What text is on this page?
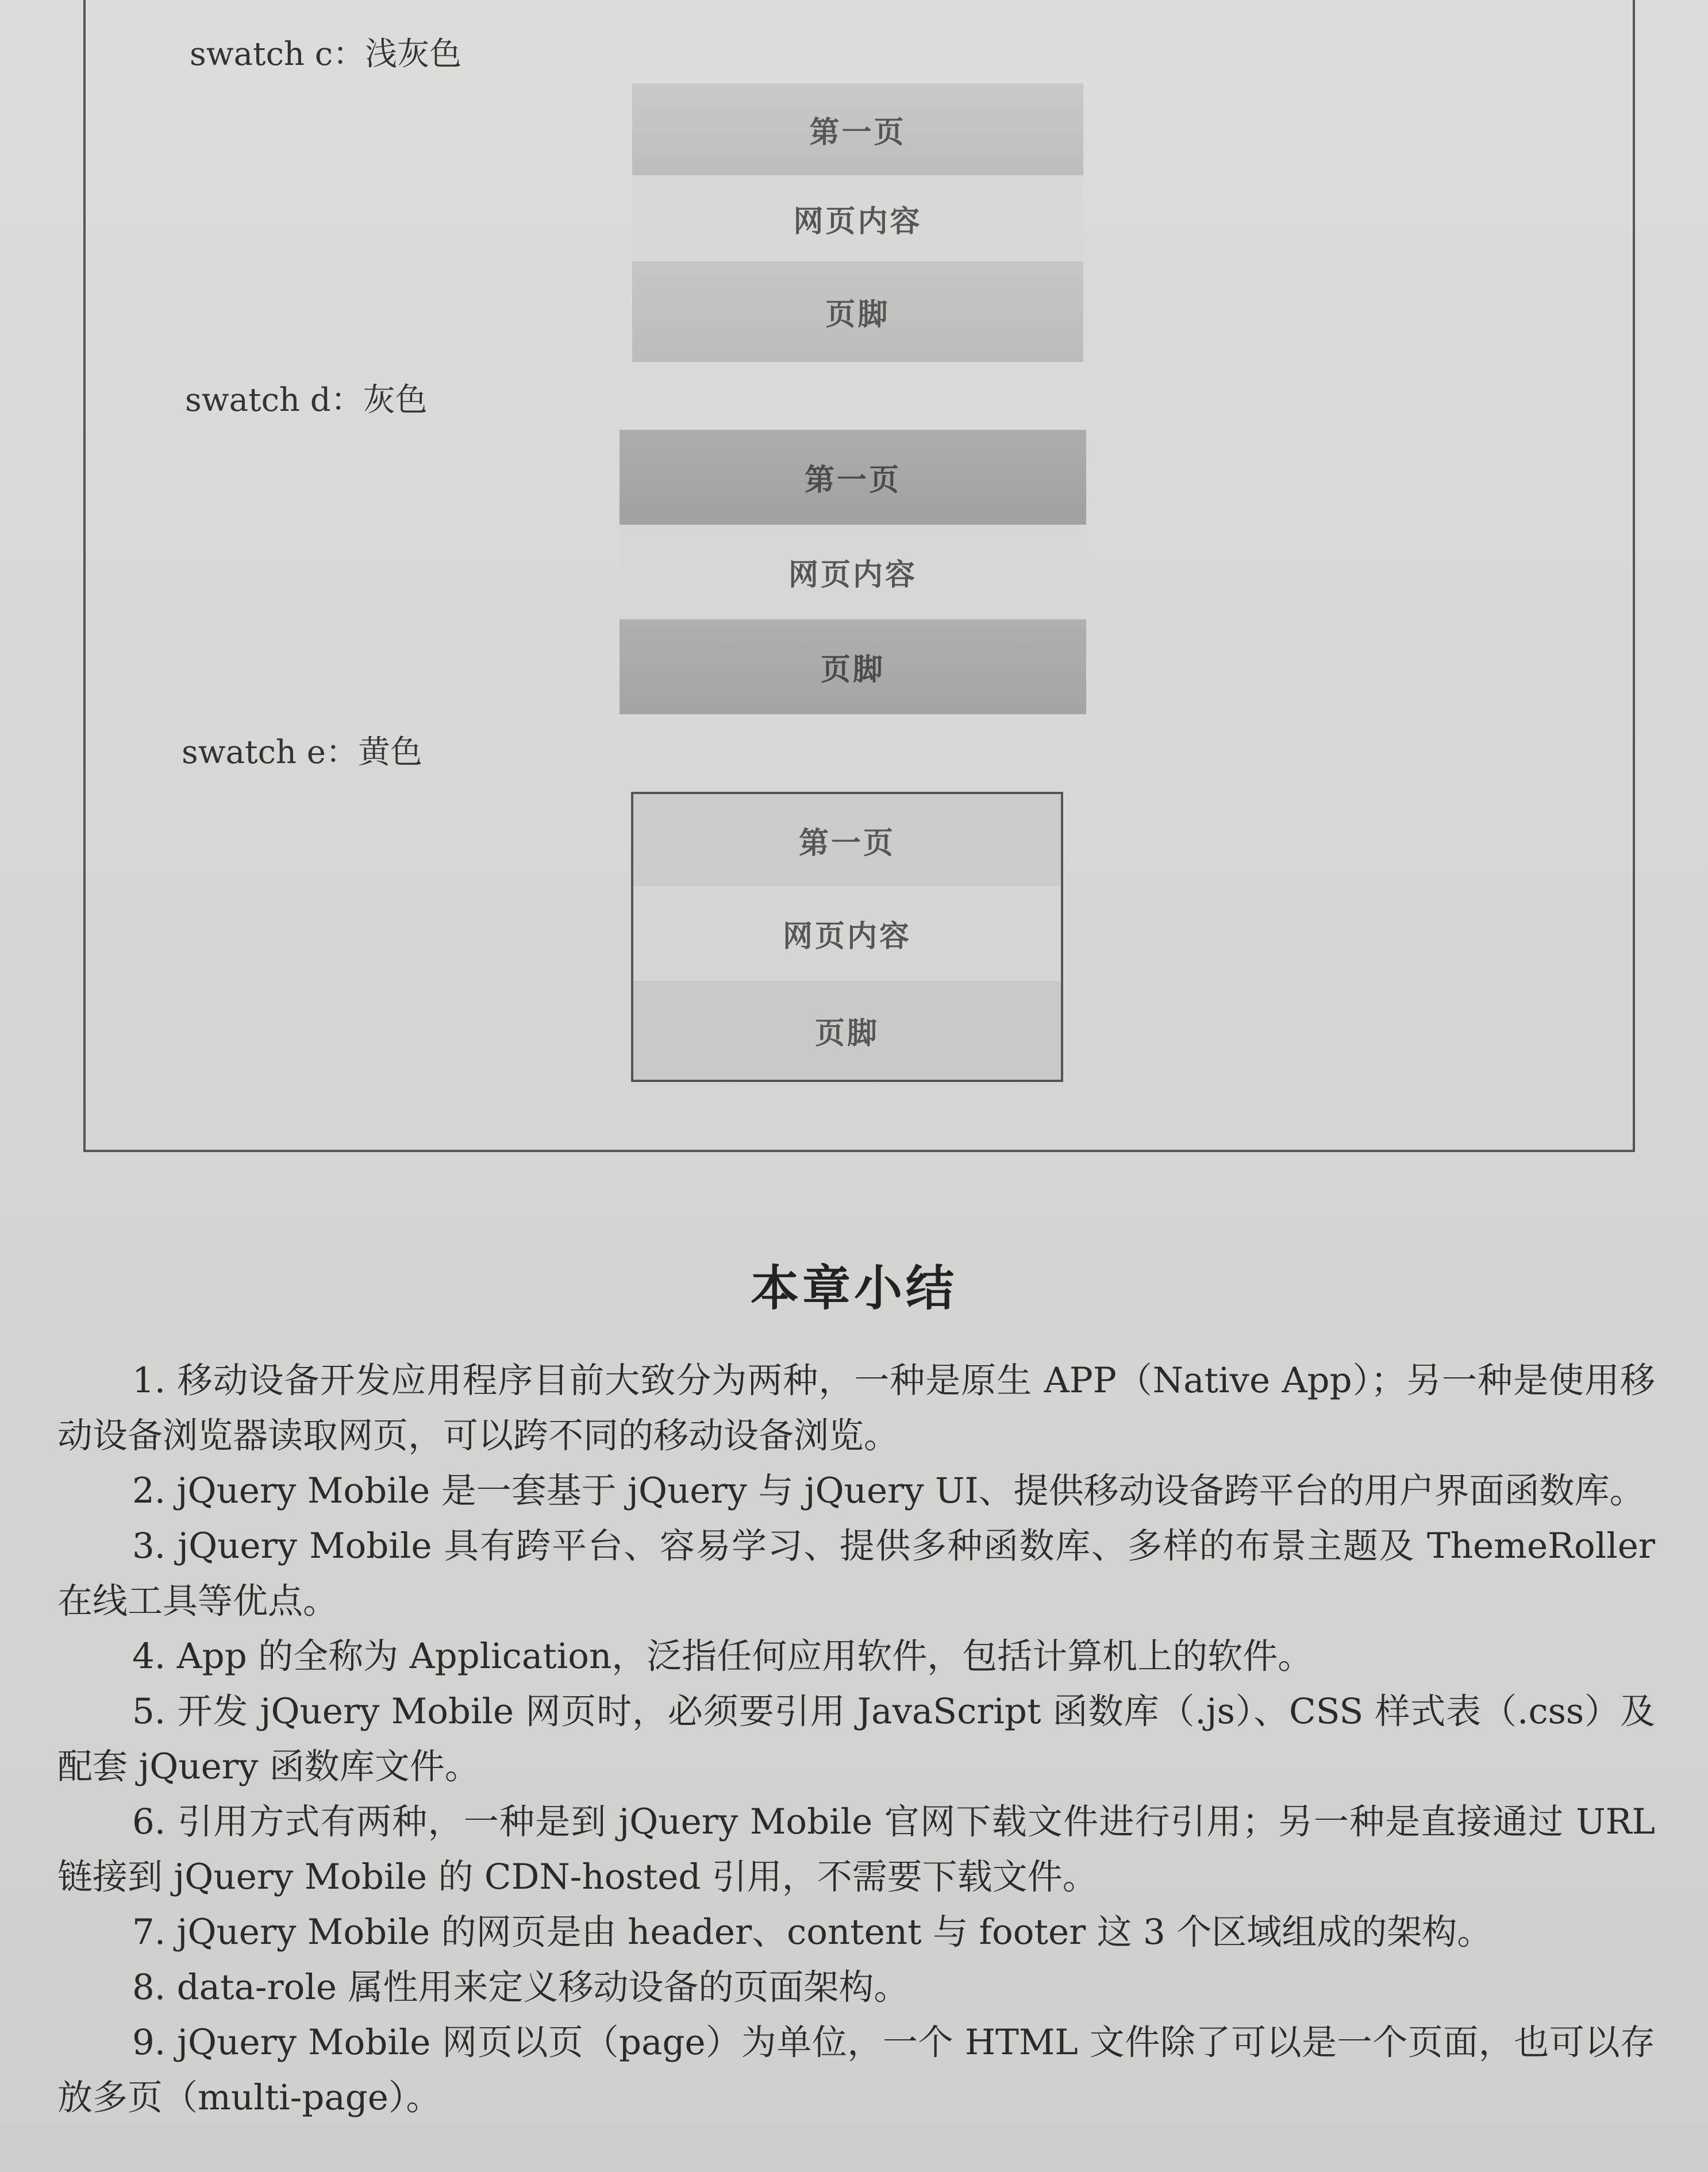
swatch c：浅灰色
第一页
网页内容
页脚
swatch d：灰色
第一页
网页内容
页脚
swatch e：黄色
第一页
网页内容
页脚
本章小结

1. 移动设备开发应用程序目前大致分为两种，一种是原生 APP（Native App）；另一种是使用移动设备浏览器读取网页，可以跨不同的移动设备浏览。

2. jQuery Mobile 是一套基于 jQuery 与 jQuery UI、提供移动设备跨平台的用户界面函数库。

3. jQuery Mobile 具有跨平台、容易学习、提供多种函数库、多样的布景主题及 ThemeRoller 在线工具等优点。

4. App 的全称为 Application，泛指任何应用软件，包括计算机上的软件。

5. 开发 jQuery Mobile 网页时，必须要引用 JavaScript 函数库（.js）、CSS 样式表（.css）及配套 jQuery 函数库文件。

6. 引用方式有两种，一种是到 jQuery Mobile 官网下载文件进行引用；另一种是直接通过 URL 链接到 jQuery Mobile 的 CDN-hosted 引用，不需要下载文件。

7. jQuery Mobile 的网页是由 header、content 与 footer 这 3 个区域组成的架构。

8. data-role 属性用来定义移动设备的页面架构。

9. jQuery Mobile 网页以页（page）为单位，一个 HTML 文件除了可以是一个页面，也可以存放多页（multi-page）。
